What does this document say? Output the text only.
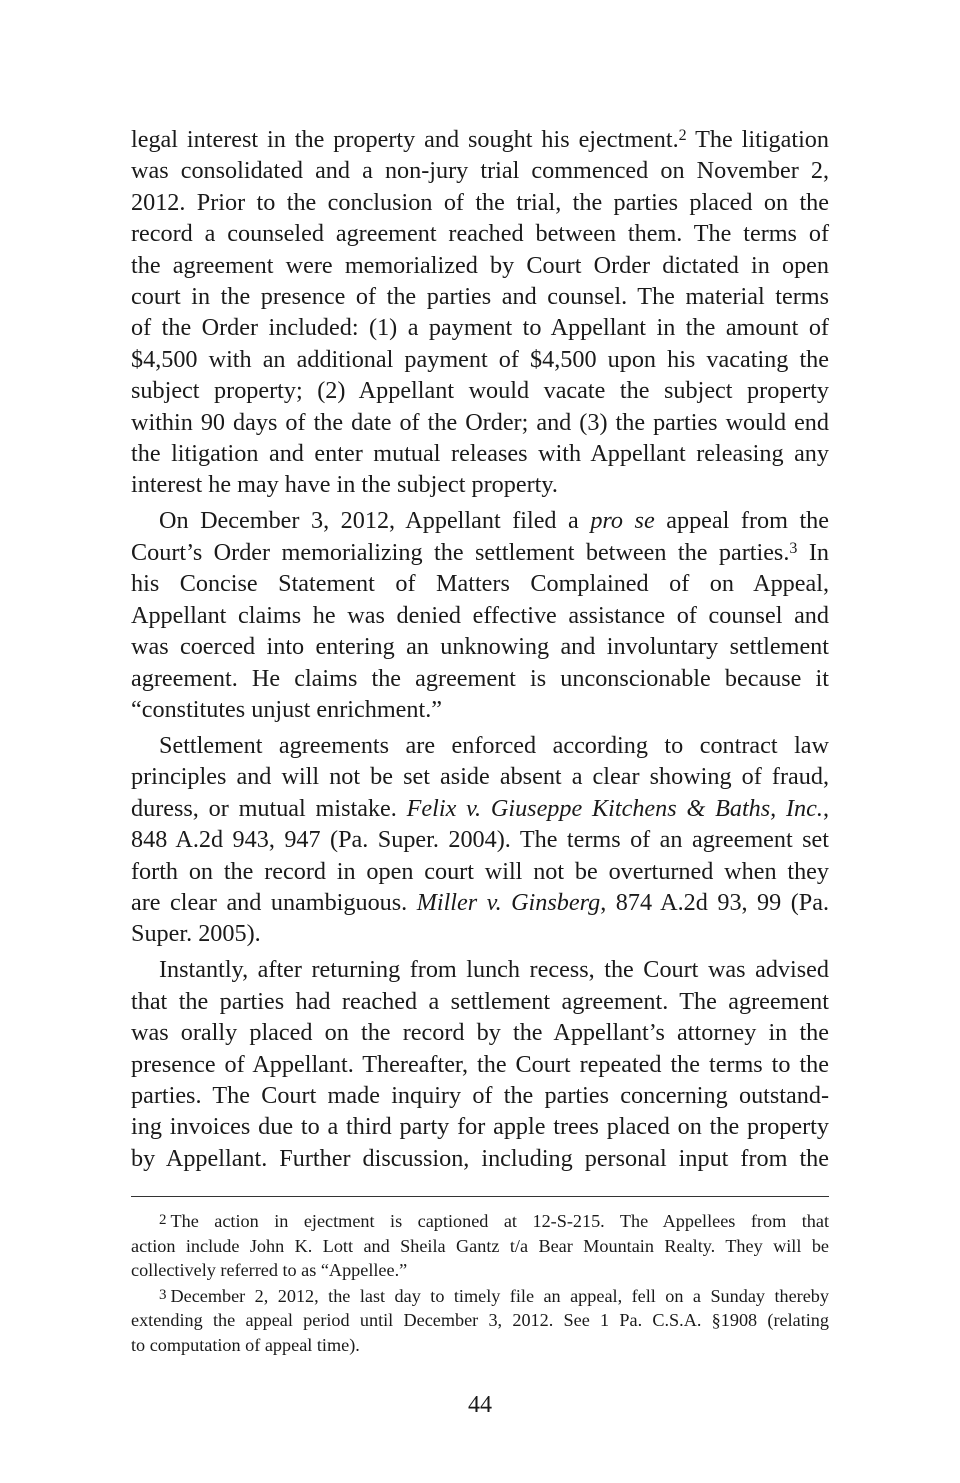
legal interest in the property and sought his ejectment.$^2$ The litigation
was consolidated and a non-jury trial commenced on November 2,
2012. Prior to the conclusion of the trial, the parties placed on the
record a counseled agreement reached between them. The terms of
the agreement were memorialized by Court Order dictated in open
court in the presence of the parties and counsel. The material terms
of the Order included: (1) a payment to Appellant in the amount of
$4,500 with an additional payment of $4,500 upon his vacating the
subject property; (2) Appellant would vacate the subject property
within 90 days of the date of the Order; and (3) the parties would end
the litigation and enter mutual releases with Appellant releasing any
interest he may have in the subject property.

On December 3, 2012, Appellant filed a pro se appeal from the
Court’s Order memorializing the settlement between the parties.$^3$ In
his Concise Statement of Matters Complained of on Appeal,
Appellant claims he was denied effective assistance of counsel and
was coerced into entering an unknowing and involuntary settlement
agreement. He claims the agreement is unconscionable because it
“constitutes unjust enrichment.”

Settlement agreements are enforced according to contract law
principles and will not be set aside absent a clear showing of fraud,
duress, or mutual mistake. Felix v. Giuseppe Kitchens & Baths, Inc.,
848 A.2d 943, 947 (Pa. Super. 2004). The terms of an agreement set
forth on the record in open court will not be overturned when they
are clear and unambiguous. Miller v. Ginsberg, 874 A.2d 93, 99 (Pa.
Super. 2005).

Instantly, after returning from lunch recess, the Court was advised
that the parties had reached a settlement agreement. The agreement
was orally placed on the record by the Appellant’s attorney in the
presence of Appellant. Thereafter, the Court repeated the terms to the
parties. The Court made inquiry of the parties concerning outstand-
ing invoices due to a third party for apple trees placed on the property
by Appellant. Further discussion, including personal input from the

2 The action in ejectment is captioned at 12-S-215. The Appellees from that
action include John K. Lott and Sheila Gantz t/a Bear Mountain Realty. They will be
collectively referred to as “Appellee.”

3 December 2, 2012, the last day to timely file an appeal, fell on a Sunday thereby
extending the appeal period until December 3, 2012. See 1 Pa. C.S.A. §1908 (relating
to computation of appeal time).

44
